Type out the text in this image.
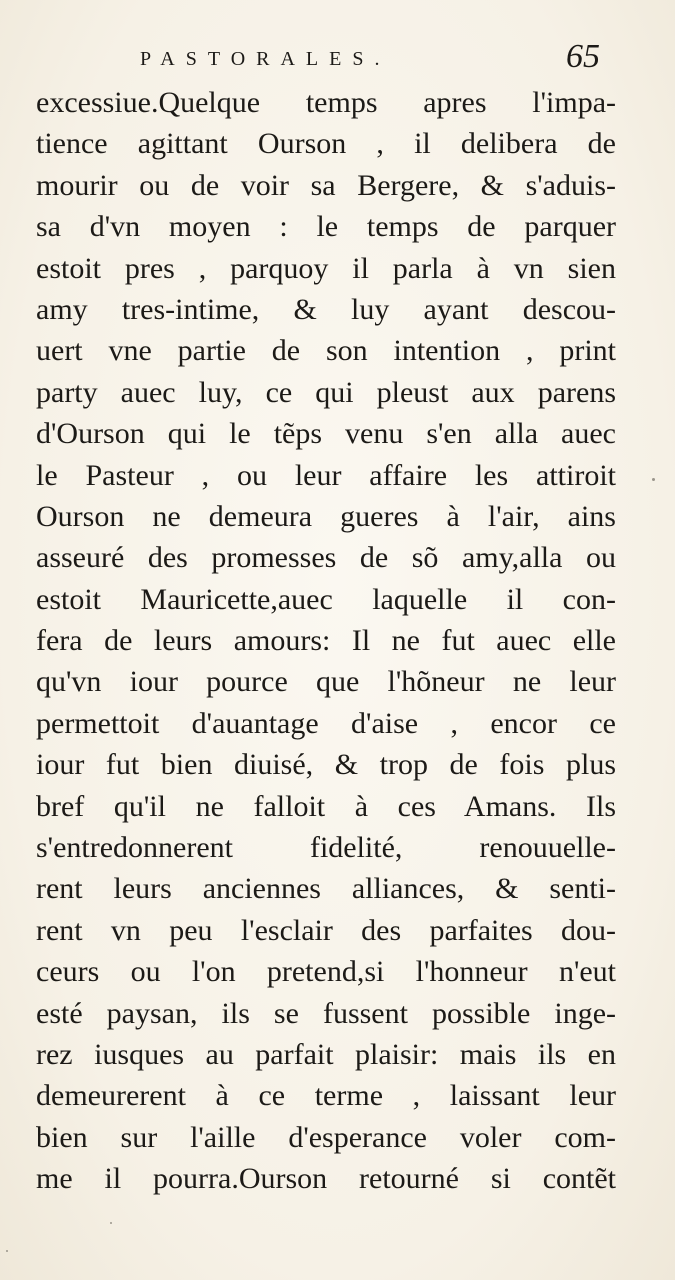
PASTORALES.	65
excessiue.Quelque temps apres l'impa-
tience agittant Ourson , il delibera de
mourir ou de voir sa Bergere, & s'aduis-
sa d'vn moyen : le temps de parquer
estoit pres , parquoy il parla à vn sien
amy tres-intime, & luy ayant descou-
uert vne partie de son intention , print
party auec luy, ce qui pleust aux parens
d'Ourson qui le tẽps venu s'en alla auec
le Pasteur , ou leur affaire les attiroit
Ourson ne demeura gueres à l'air, ains
asseuré des promesses de sõ amy,alla ou
estoit Mauricette,auec laquelle il con-
fera de leurs amours: Il ne fut auec elle
qu'vn iour pource que l'hõneur ne leur
permettoit d'auantage d'aise , encor ce
iour fut bien diuisé, & trop de fois plus
bref qu'il ne falloit à ces Amans. Ils
s'entredonnerent fidelité, renouuelle-
rent leurs anciennes alliances, & senti-
rent vn peu l'esclair des parfaites dou-
ceurs ou l'on pretend,si l'honneur n'eut
esté paysan, ils se fussent possible inge-
rez iusques au parfait plaisir: mais ils en
demeurerent à ce terme , laissant leur
bien sur l'aille d'esperance voler com-
me il pourra.Ourson retourné si contẽt
